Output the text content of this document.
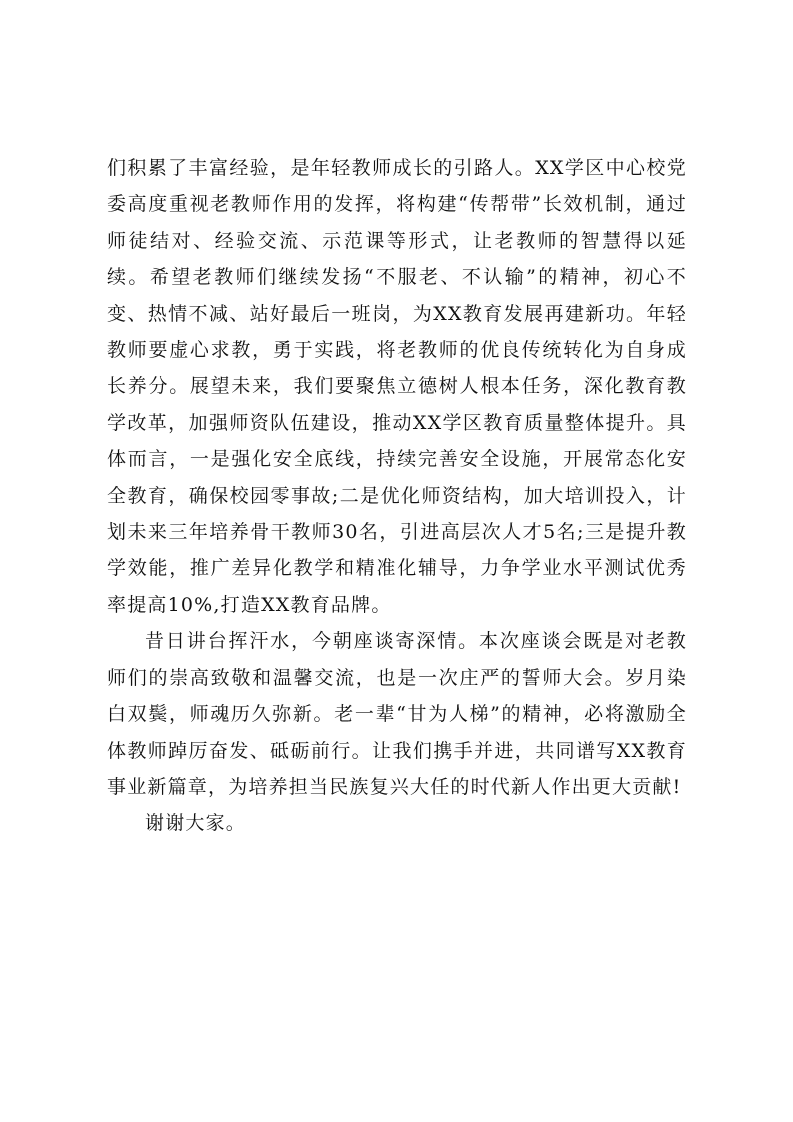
们积累了丰富经验，是年轻教师成长的引路人。XX学区中心校党委高度重视老教师作用的发挥，将构建“传帮带”长效机制，通过师徒结对、经验交流、示范课等形式，让老教师的智慧得以延续。希望老教师们继续发扬“不服老、不认输”的精神，初心不变、热情不减、站好最后一班岗，为XX教育发展再建新功。年轻教师要虚心求教，勇于实践，将老教师的优良传统转化为自身成长养分。展望未来，我们要聚焦立德树人根本任务，深化教育教学改革，加强师资队伍建设，推动XX学区教育质量整体提升。具体而言，一是强化安全底线，持续完善安全设施，开展常态化安全教育，确保校园零事故;二是优化师资结构，加大培训投入，计划未来三年培养骨干教师30名，引进高层次人才5名;三是提升教学效能，推广差异化教学和精准化辅导，力争学业水平测试优秀率提高10%,打造XX教育品牌。

昔日讲台挥汗水，今朝座谈寄深情。本次座谈会既是对老教师们的崇高致敬和温馨交流，也是一次庄严的誓师大会。岁月染白双鬓，师魂历久弥新。老一辈“甘为人梯”的精神，必将激励全体教师踔厉奋发、砥砺前行。让我们携手并进，共同谱写XX教育事业新篇章，为培养担当民族复兴大任的时代新人作出更大贡献!

谢谢大家。
